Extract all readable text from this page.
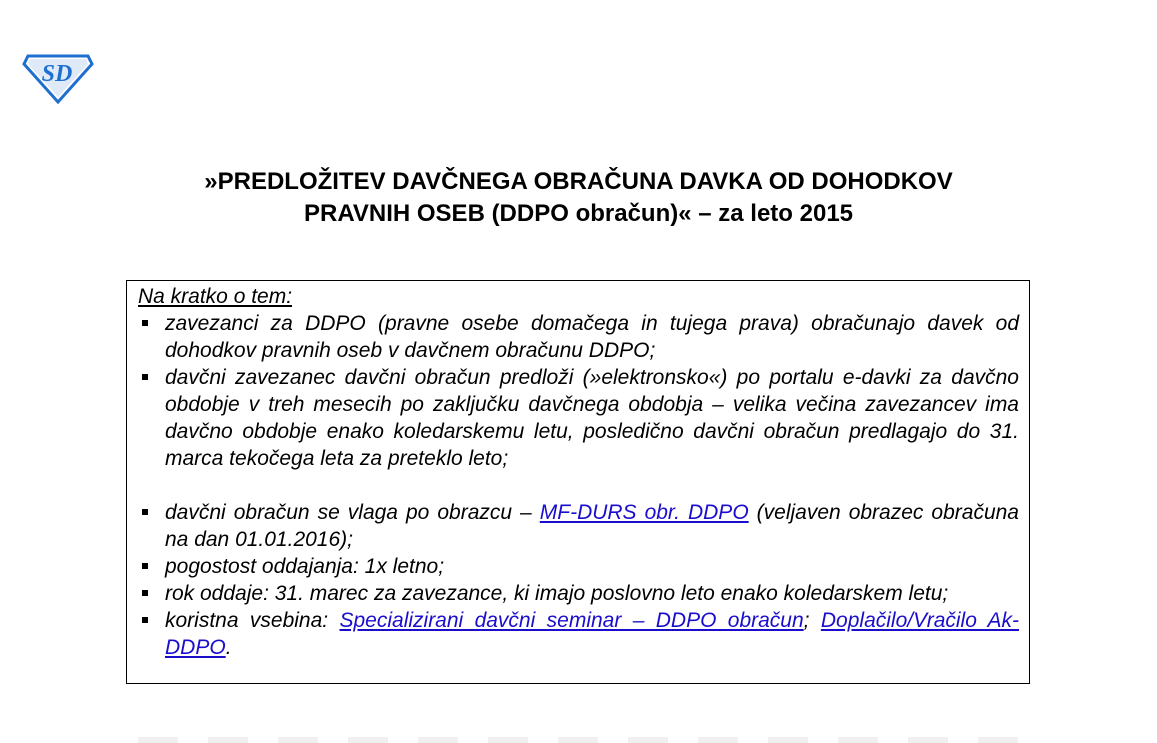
SD
»PREDLOŽITEV DAVČNEGA OBRAČUNA DAVKA OD DOHODKOV
PRAVNIH OSEB (DDPO obračun)« – za leto 2015

Na kratko o tem:

zavezanci za DDPO (pravne osebe domačega in tujega prava) obračunajo davek od dohodkov pravnih oseb v davčnem obračunu DDPO;
davčni zavezanec davčni obračun predloži (»elektronsko«) po portalu e-davki za davčno obdobje v treh mesecih po zaključku davčnega obdobja – velika večina zavezancev ima davčno obdobje enako koledarskemu letu, posledično davčni obračun predlagajo do 31. marca tekočega leta za preteklo leto;
davčni obračun se vlaga po obrazcu – MF-DURS obr. DDPO (veljaven obrazec obračuna na dan 01.01.2016);
pogostost oddajanja: 1x letno;
rok oddaje: 31. marec za zavezance, ki imajo poslovno leto enako koledarskem letu;
koristna vsebina: Specializirani davčni seminar – DDPO obračun; Doplačilo/Vračilo Ak-DDPO.
